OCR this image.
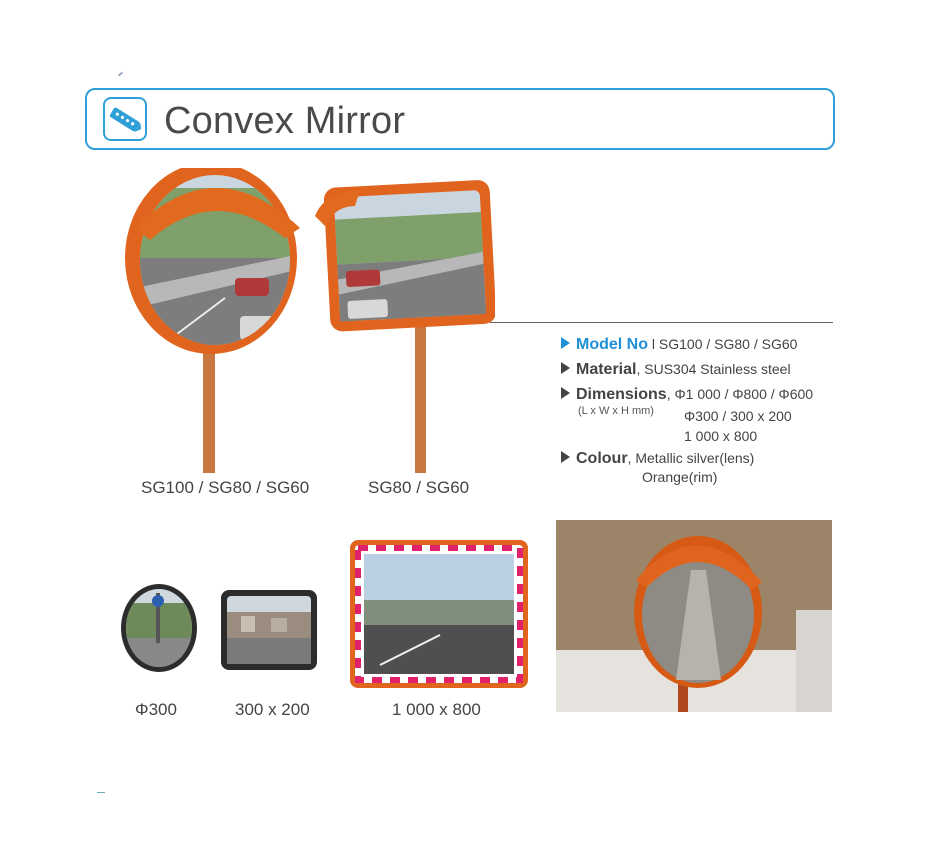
Convex Mirror
SG100 / SG80 / SG60	SG80 / SG60
Model No l SG100 / SG80 / SG60
Material, SUS304 Stainless steel
Dimensions, Φ1 000 / Φ800 / Φ600
(L x W x H mm) Φ300 / 300 x 200
1 000 x 800
Colour, Metallic silver(lens)
Orange(rim)
Φ300	300 x 200	1 000 x 800
